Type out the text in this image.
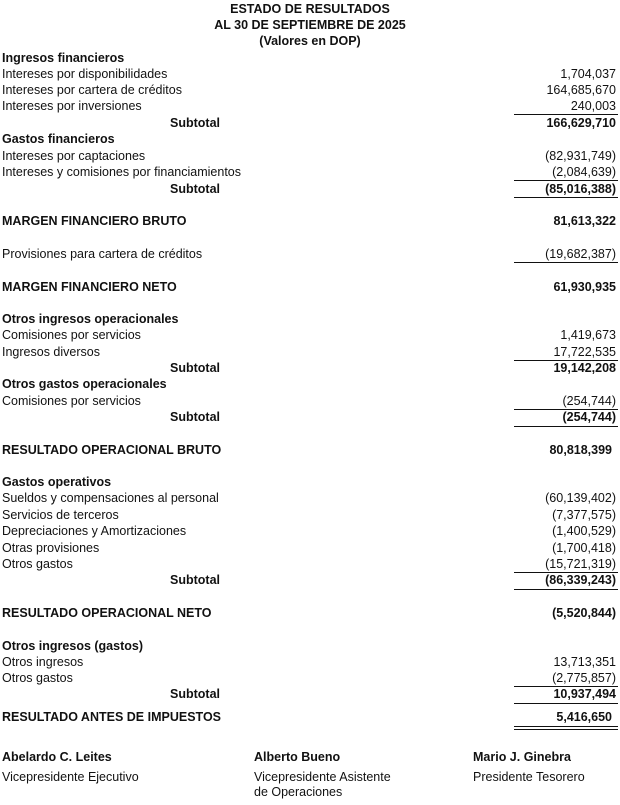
ESTADO DE RESULTADOS
AL 30 DE SEPTIEMBRE DE 2025
(Valores en DOP)
Ingresos financieros
Intereses por disponibilidades	1,704,037
Intereses por cartera de créditos	164,685,670
Intereses por inversiones	240,003
Subtotal	166,629,710
Gastos financieros
Intereses por captaciones	(82,931,749)
Intereses y comisiones por financiamientos	(2,084,639)
Subtotal	(85,016,388)
MARGEN FINANCIERO BRUTO	81,613,322
Provisiones para cartera de créditos	(19,682,387)
MARGEN FINANCIERO NETO	61,930,935
Otros ingresos operacionales
Comisiones por servicios	1,419,673
Ingresos diversos	17,722,535
Subtotal	19,142,208
Otros gastos operacionales
Comisiones por servicios	(254,744)
Subtotal	(254,744)
RESULTADO OPERACIONAL BRUTO	80,818,399
Gastos operativos
Sueldos y compensaciones al personal	(60,139,402)
Servicios de terceros	(7,377,575)
Depreciaciones y Amortizaciones	(1,400,529)
Otras provisiones	(1,700,418)
Otros gastos	(15,721,319)
Subtotal	(86,339,243)
RESULTADO OPERACIONAL NETO	(5,520,844)
Otros ingresos (gastos)
Otros ingresos	13,713,351
Otros gastos	(2,775,857)
Subtotal	10,937,494
RESULTADO ANTES DE IMPUESTOS	5,416,650
Abelardo C. Leites
Vicepresidente Ejecutivo
Alberto Bueno
Vicepresidente Asistente
de Operaciones
Mario J. Ginebra
Presidente Tesorero
